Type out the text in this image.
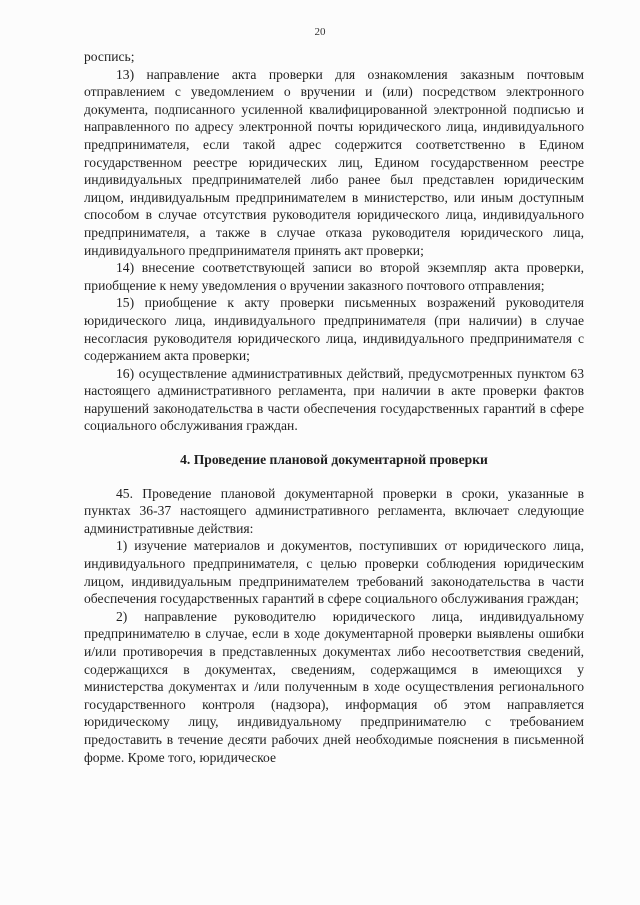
20

роспись;

13) направление акта проверки для ознакомления заказным почтовым отправлением с уведомлением о вручении и (или) посредством электронного документа, подписанного усиленной квалифицированной электронной подписью и направленного по адресу электронной почты юридического лица, индивидуального предпринимателя, если такой адрес содержится соответственно в Едином государственном реестре юридических лиц, Едином государственном реестре индивидуальных предпринимателей либо ранее был представлен юридическим лицом, индивидуальным предпринимателем в министерство, или иным доступным способом в случае отсутствия руководителя юридического лица, индивидуального предпринимателя, а также в случае отказа руководителя юридического лица, индивидуального предпринимателя принять акт проверки;

14) внесение соответствующей записи во второй экземпляр акта проверки, приобщение к нему уведомления о вручении заказного почтового отправления;

15) приобщение к акту проверки письменных возражений руководителя юридического лица, индивидуального предпринимателя (при наличии) в случае несогласия руководителя юридического лица, индивидуального предпринимателя с содержанием акта проверки;

16) осуществление административных действий, предусмотренных пунктом 63 настоящего административного регламента, при наличии в акте проверки фактов нарушений законодательства в части обеспечения государственных гарантий в сфере социального обслуживания граждан.

4. Проведение плановой документарной проверки

45. Проведение плановой документарной проверки в сроки, указанные в пунктах 36-37 настоящего административного регламента, включает следующие административные действия:

1) изучение материалов и документов, поступивших от юридического лица, индивидуального предпринимателя, с целью проверки соблюдения юридическим лицом, индивидуальным предпринимателем требований законодательства в части обеспечения государственных гарантий в сфере социального обслуживания граждан;

2) направление руководителю юридического лица, индивидуальному предпринимателю в случае, если в ходе документарной проверки выявлены ошибки и/или противоречия в представленных документах либо несоответствия сведений, содержащихся в документах, сведениям, содержащимся в имеющихся у министерства документах и /или полученным в ходе осуществления регионального государственного контроля (надзора), информация об этом направляется юридическому лицу, индивидуальному предпринимателю с требованием предоставить в течение десяти рабочих дней необходимые пояснения в письменной форме. Кроме того, юридическое
